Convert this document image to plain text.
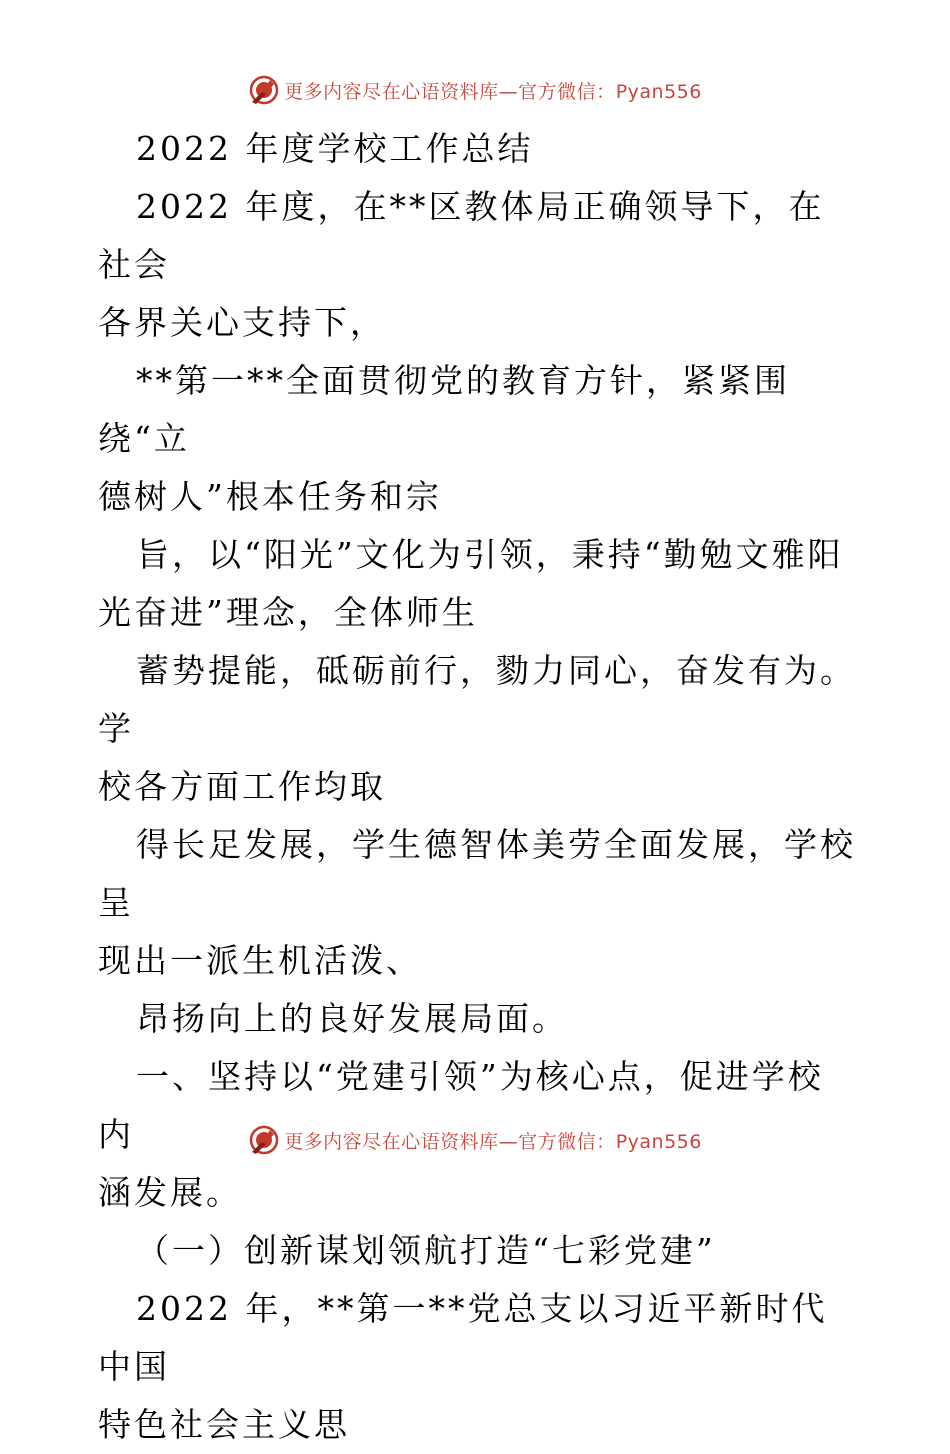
更多内容尽在心语资料库—官方微信：Pyan556

2022 年度学校工作总结
2022 年度，在**区教体局正确领导下，在社会
各界关心支持下，
**第一**全面贯彻党的教育方针，紧紧围绕“立
德树人”根本任务和宗
旨，以“阳光”文化为引领，秉持“勤勉文雅阳
光奋进”理念，全体师生
蓄势提能，砥砺前行，勠力同心，奋发有为。学
校各方面工作均取
得长足发展，学生德智体美劳全面发展，学校呈
现出一派生机活泼、
昂扬向上的良好发展局面。
一、坚持以“党建引领”为核心点，促进学校内
涵发展。
（一）创新谋划领航打造“七彩党建”
2022 年，**第一**党总支以习近平新时代中国
特色社会主义思

更多内容尽在心语资料库—官方微信：Pyan556
